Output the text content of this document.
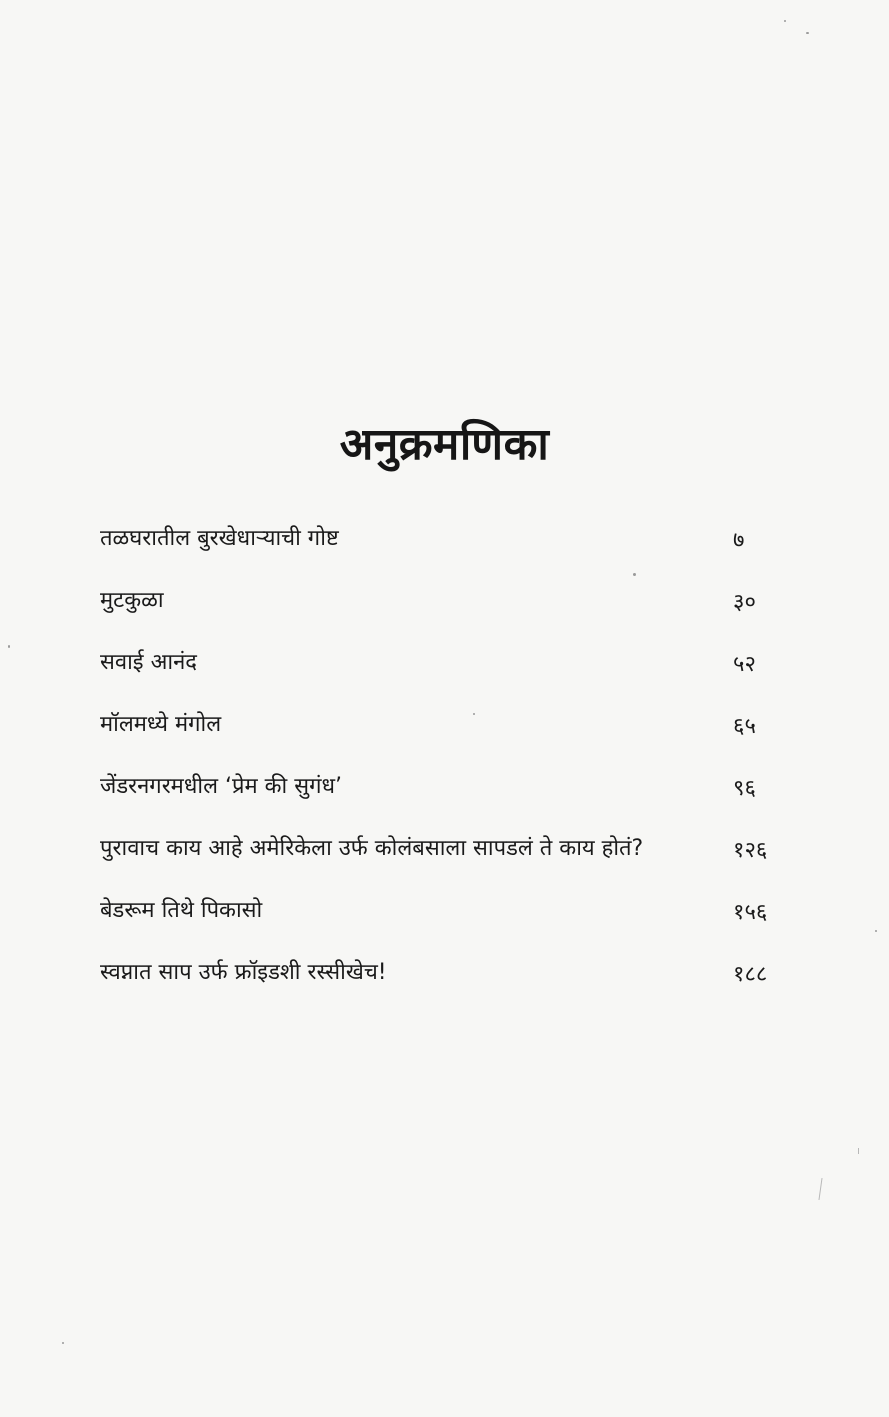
अनुक्रमणिका
तळघरातील बुरखेधाऱ्याची गोष्ट	७
मुटकुळा	३०
सवाई आनंद	५२
मॉलमध्ये मंगोल	६५
जेंडरनगरमधील ‘प्रेम की सुगंध’	९६
पुरावाच काय आहे अमेरिकेला उर्फ कोलंबसाला सापडलं ते काय होतं?	१२६
बेडरूम तिथे पिकासो	१५६
स्वप्नात साप उर्फ फ्रॉइडशी रस्सीखेच!	१८८
